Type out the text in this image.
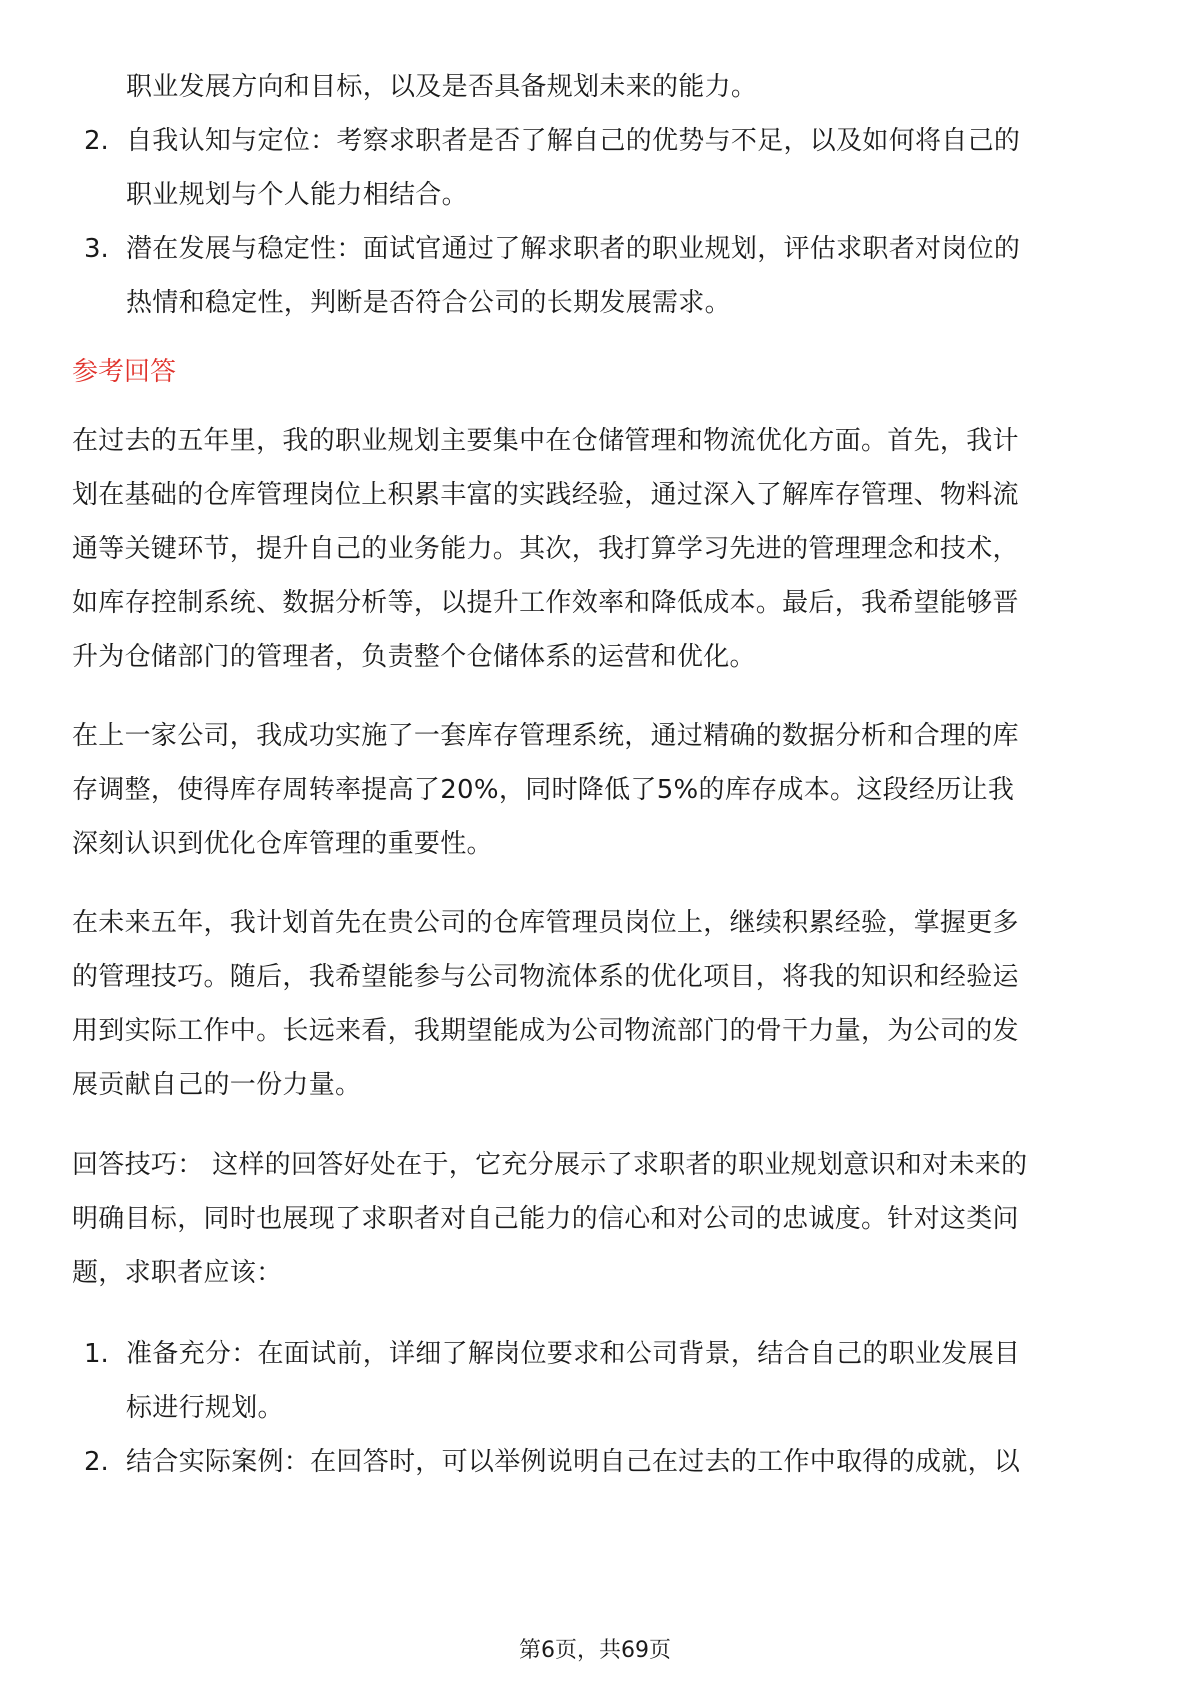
职业发展方向和目标，以及是否具备规划未来的能力。
2. 自我认知与定位：考察求职者是否了解自己的优势与不足，以及如何将自己的
职业规划与个人能力相结合。
3. 潜在发展与稳定性：面试官通过了解求职者的职业规划，评估求职者对岗位的
热情和稳定性，判断是否符合公司的长期发展需求。
参考回答
在过去的五年里，我的职业规划主要集中在仓储管理和物流优化方面。首先，我计
划在基础的仓库管理岗位上积累丰富的实践经验，通过深入了解库存管理、物料流
通等关键环节，提升自己的业务能力。其次，我打算学习先进的管理理念和技术，
如库存控制系统、数据分析等，以提升工作效率和降低成本。最后，我希望能够晋
升为仓储部门的管理者，负责整个仓储体系的运营和优化。
在上一家公司，我成功实施了一套库存管理系统，通过精确的数据分析和合理的库
存调整，使得库存周转率提高了20%，同时降低了5%的库存成本。这段经历让我
深刻认识到优化仓库管理的重要性。
在未来五年，我计划首先在贵公司的仓库管理员岗位上，继续积累经验，掌握更多
的管理技巧。随后，我希望能参与公司物流体系的优化项目，将我的知识和经验运
用到实际工作中。长远来看，我期望能成为公司物流部门的骨干力量，为公司的发
展贡献自己的一份力量。
回答技巧： 这样的回答好处在于，它充分展示了求职者的职业规划意识和对未来的
明确目标，同时也展现了求职者对自己能力的信心和对公司的忠诚度。针对这类问
题，求职者应该：
1. 准备充分：在面试前，详细了解岗位要求和公司背景，结合自己的职业发展目
标进行规划。
2. 结合实际案例：在回答时，可以举例说明自己在过去的工作中取得的成就，以
第6页，共69页
